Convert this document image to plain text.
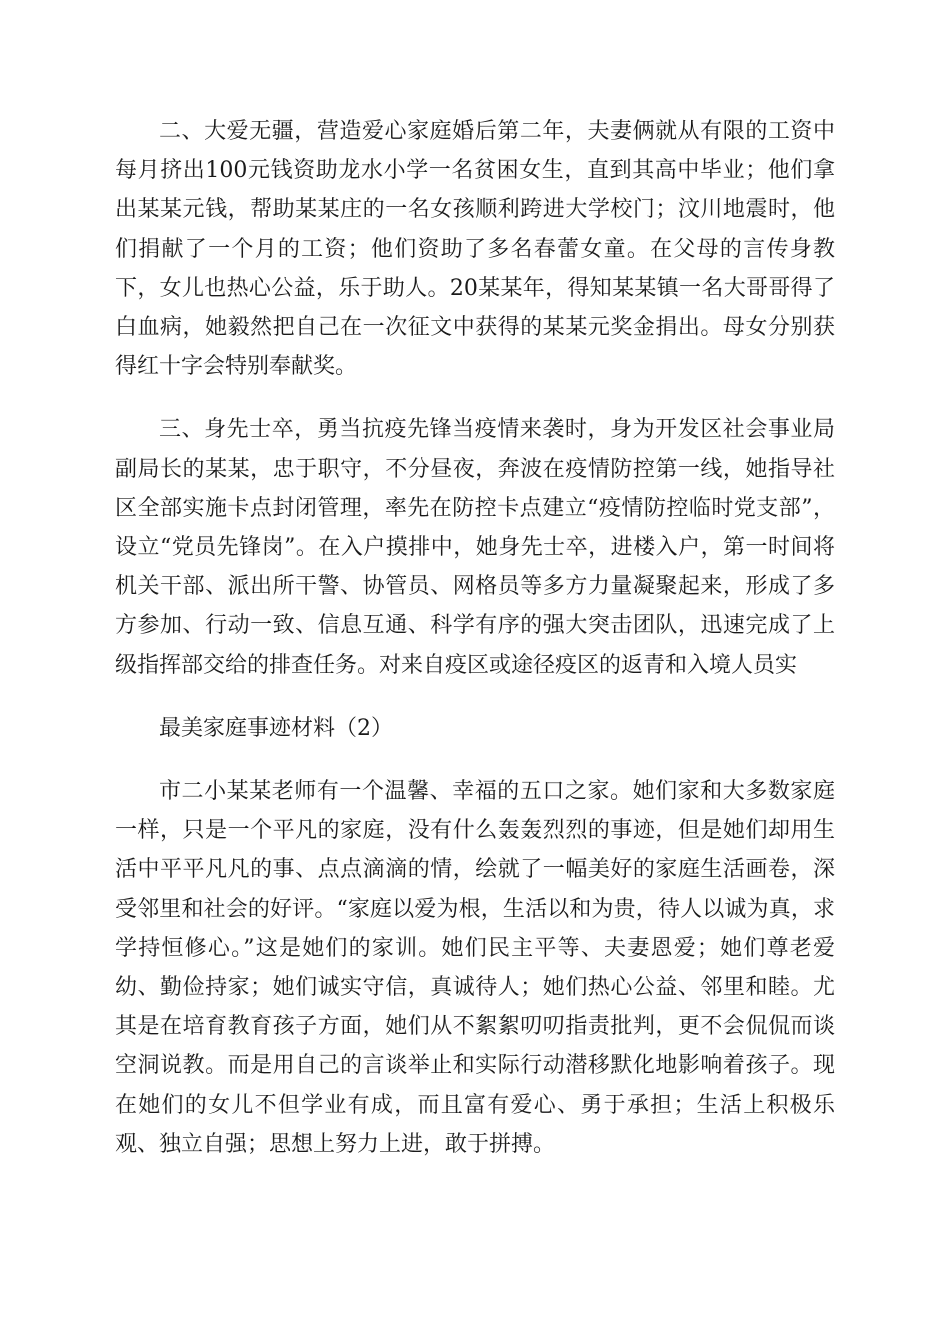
二、大爱无疆，营造爱心家庭婚后第二年，夫妻俩就从有限的工资中每月挤出100元钱资助龙水小学一名贫困女生，直到其高中毕业；他们拿出某某元钱，帮助某某庄的一名女孩顺利跨进大学校门；汶川地震时，他们捐献了一个月的工资；他们资助了多名春蕾女童。在父母的言传身教下，女儿也热心公益，乐于助人。20某某年，得知某某镇一名大哥哥得了白血病，她毅然把自己在一次征文中获得的某某元奖金捐出。母女分别获得红十字会特别奉献奖。

三、身先士卒，勇当抗疫先锋当疫情来袭时，身为开发区社会事业局副局长的某某，忠于职守，不分昼夜，奔波在疫情防控第一线，她指导社区全部实施卡点封闭管理，率先在防控卡点建立“疫情防控临时党支部”，设立“党员先锋岗”。在入户摸排中，她身先士卒，进楼入户，第一时间将机关干部、派出所干警、协管员、网格员等多方力量凝聚起来，形成了多方参加、行动一致、信息互通、科学有序的强大突击团队，迅速完成了上级指挥部交给的排查任务。对来自疫区或途径疫区的返青和入境人员实

最美家庭事迹材料（2）

市二小某某老师有一个温馨、幸福的五口之家。她们家和大多数家庭一样，只是一个平凡的家庭，没有什么轰轰烈烈的事迹，但是她们却用生活中平平凡凡的事、点点滴滴的情，绘就了一幅美好的家庭生活画卷，深受邻里和社会的好评。“家庭以爱为根，生活以和为贵，待人以诚为真，求学持恒修心。”这是她们的家训。她们民主平等、夫妻恩爱；她们尊老爱幼、勤俭持家；她们诚实守信，真诚待人；她们热心公益、邻里和睦。尤其是在培育教育孩子方面，她们从不絮絮叨叨指责批判，更不会侃侃而谈空洞说教。而是用自己的言谈举止和实际行动潜移默化地影响着孩子。现在她们的女儿不但学业有成，而且富有爱心、勇于承担；生活上积极乐观、独立自强；思想上努力上进，敢于拼搏。
